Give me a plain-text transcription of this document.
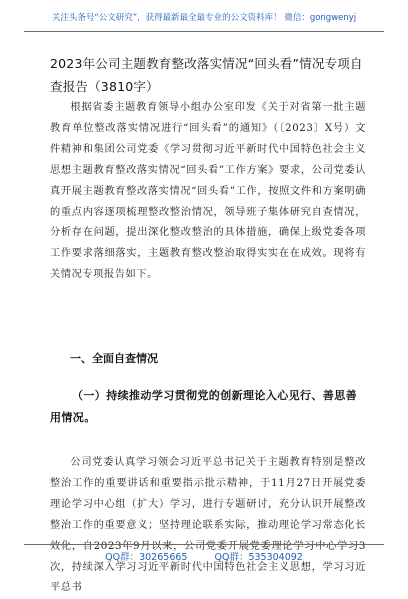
关注头条号“公文研究”，获得最新最全最专业的公文资料库！ 微信：gongwenyj
2023年公司主题教育整改落实情况“回头看”情况专项自查报告（3810字）
根据省委主题教育领导小组办公室印发《关于对省第一批主题教育单位整改落实情况进行“回头看”的通知》（〔2023〕X号）文件精神和集团公司党委《学习贯彻习近平新时代中国特色社会主义思想主题教育整改落实情况“回头看”工作方案》要求，公司党委认真开展主题教育整改落实情况“回头看”工作，按照文件和方案明确的重点内容逐项梳理整改整治情况，领导班子集体研究自查情况，分析存在问题，提出深化整改整治的具体措施，确保上级党委各项工作要求落细落实，主题教育整改整治取得实实在在成效。现将有关情况专项报告如下。
一、全面自查情况
（一）持续推动学习贯彻党的创新理论入心见行、善思善用情况。
公司党委认真学习领会习近平总书记关于主题教育特别是整改整治工作的重要讲话和重要指示批示精神，于11月27日开展党委理论学习中心组（扩大）学习，进行专题研讨，充分认识开展整改整治工作的重要意义；坚持理论联系实际，推动理论学习常态化长效化，自2023年9月以来，公司党委开展党委理论学习中心学习3次，持续深入学习习近平新时代中国特色社会主义思想，学习习近平总书
QQ群：30265665	QQ群：535304092
